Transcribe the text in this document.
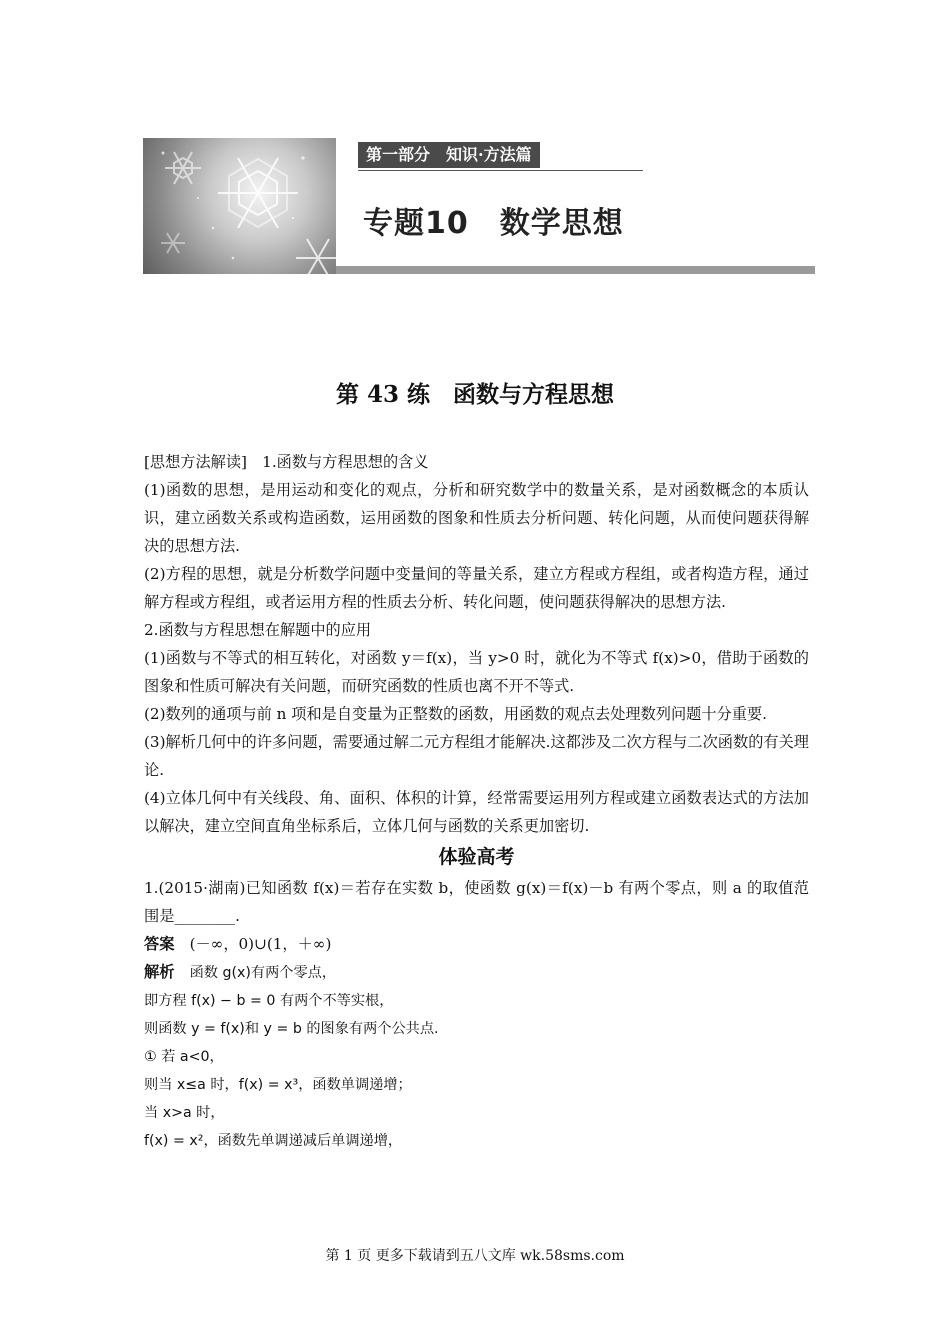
第一部分　知识·方法篇
专题10　数学思想
第 43 练　函数与方程思想

[思想方法解读]　 1.函数与方程思想的含义

(1)函数的思想，是用运动和变化的观点，分析和研究数学中的数量关系，是对函数概念的本质认识，建立函数关系或构造函数，运用函数的图象和性质去分析问题、转化问题，从而使问题获得解决的思想方法.

(2)方程的思想，就是分析数学问题中变量间的等量关系，建立方程或方程组，或者构造方程，通过解方程或方程组，或者运用方程的性质去分析、转化问题，使问题获得解决的思想方法.

2.函数与方程思想在解题中的应用

(1)函数与不等式的相互转化，对函数 y＝f(x)，当 y>0 时，就化为不等式 f(x)>0，借助于函数的图象和性质可解决有关问题，而研究函数的性质也离不开不等式.

(2)数列的通项与前 n 项和是自变量为正整数的函数，用函数的观点去处理数列问题十分重要.

(3)解析几何中的许多问题，需要通过解二元方程组才能解决.这都涉及二次方程与二次函数的有关理论.

(4)立体几何中有关线段、角、面积、体积的计算，经常需要运用列方程或建立函数表达式的方法加以解决，建立空间直角坐标系后，立体几何与函数的关系更加密切.

体验高考

1.(2015·湖南)已知函数 f(x)＝若存在实数 b，使函数 g(x)＝f(x)－b 有两个零点，则 a 的取值范围是________.

答案　 (－∞，0)∪(1，＋∞)

解析　 函数 g(x)有两个零点，

即方程 f(x) − b = 0 有两个不等实根，

则函数 y = f(x)和 y = b 的图象有两个公共点.

① 若 a<0，

则当 x≤a 时，f(x) = x³，函数单调递增；

当 x>a 时，

f(x) = x²，函数先单调递减后单调递增，

第 1 页 更多下载请到五八文库 wk.58sms.com
